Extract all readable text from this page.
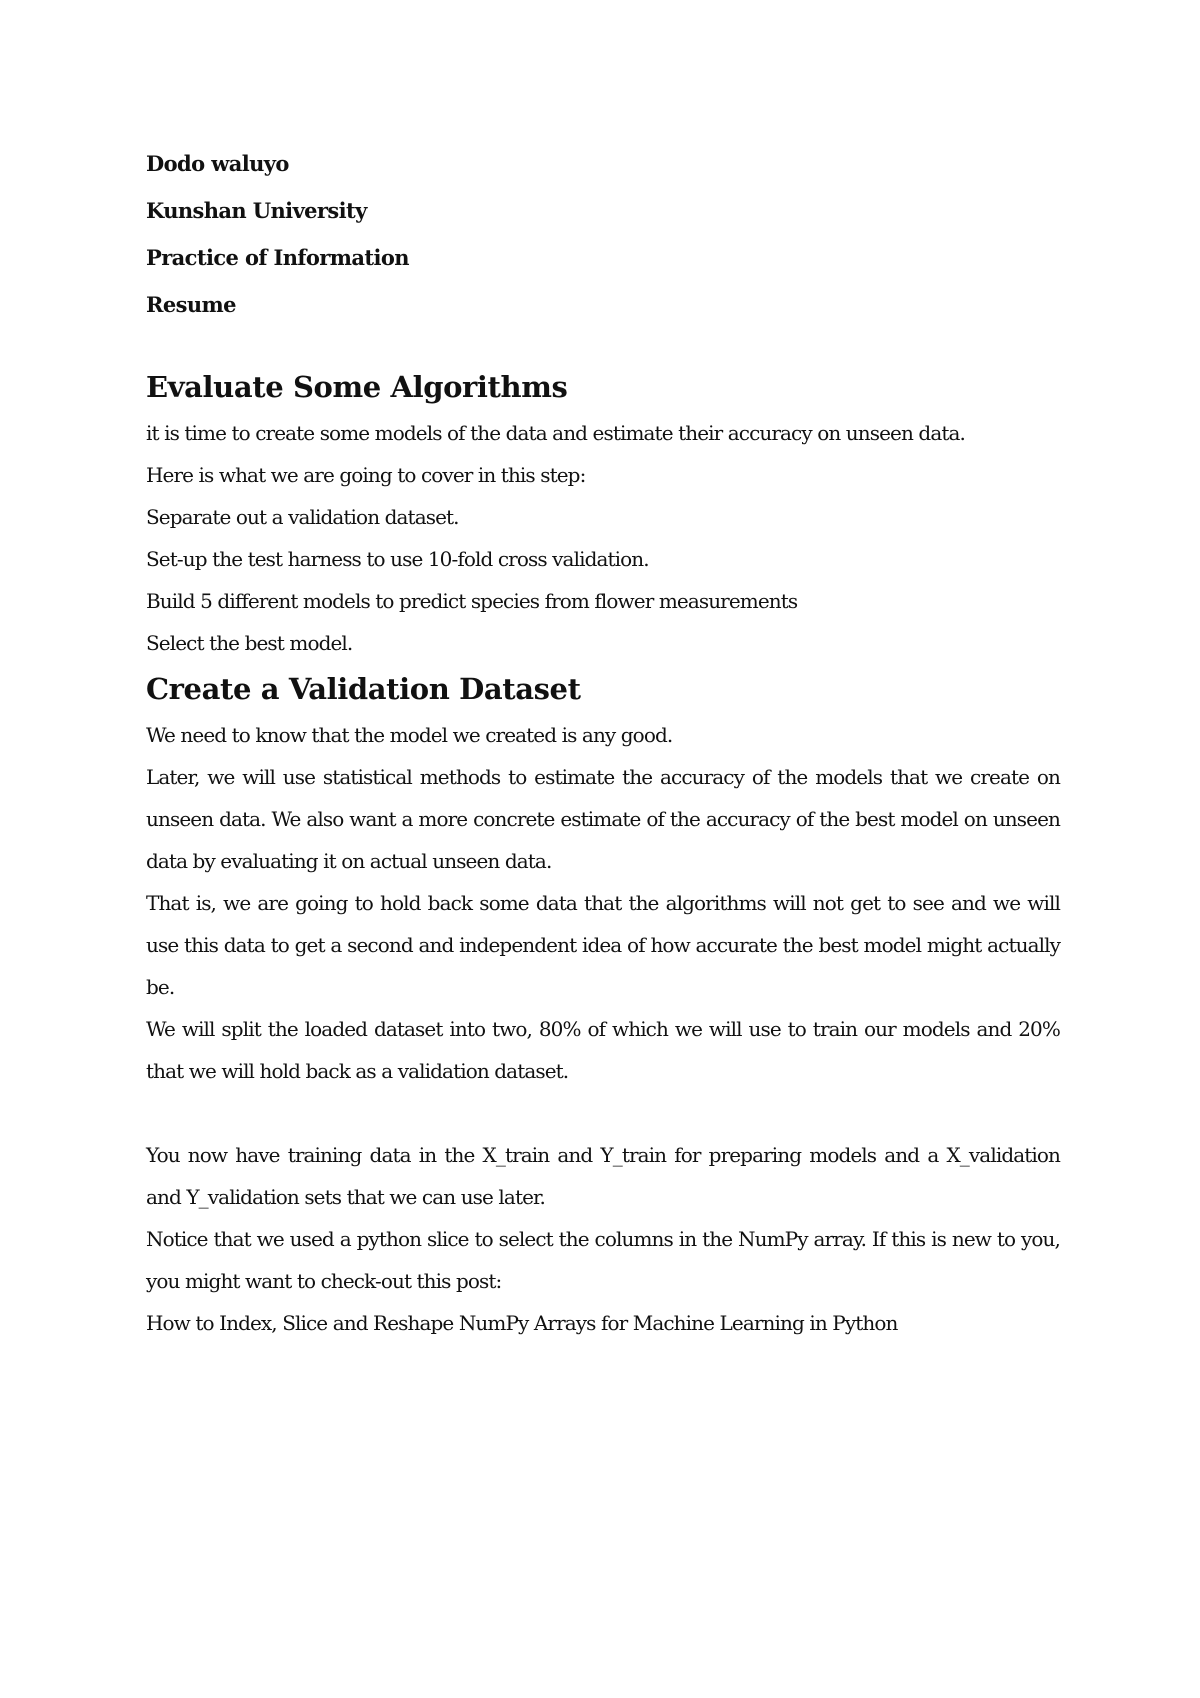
Dodo waluyo

Kunshan University

Practice of Information

Resume

Evaluate Some Algorithms

it is time to create some models of the data and estimate their accuracy on unseen data.

Here is what we are going to cover in this step:

Separate out a validation dataset.

Set-up the test harness to use 10-fold cross validation.

Build 5 different models to predict species from flower measurements

Select the best model.

Create a Validation Dataset

We need to know that the model we created is any good.

Later, we will use statistical methods to estimate the accuracy of the models that we create on unseen data. We also want a more concrete estimate of the accuracy of the best model on unseen data by evaluating it on actual unseen data.

That is, we are going to hold back some data that the algorithms will not get to see and we will use this data to get a second and independent idea of how accurate the best model might actually be.

We will split the loaded dataset into two, 80% of which we will use to train our models and 20% that we will hold back as a validation dataset.

You now have training data in the X_train and Y_train for preparing models and a X_validation and Y_validation sets that we can use later.

Notice that we used a python slice to select the columns in the NumPy array. If this is new to you, you might want to check-out this post:

How to Index, Slice and Reshape NumPy Arrays for Machine Learning in Python
